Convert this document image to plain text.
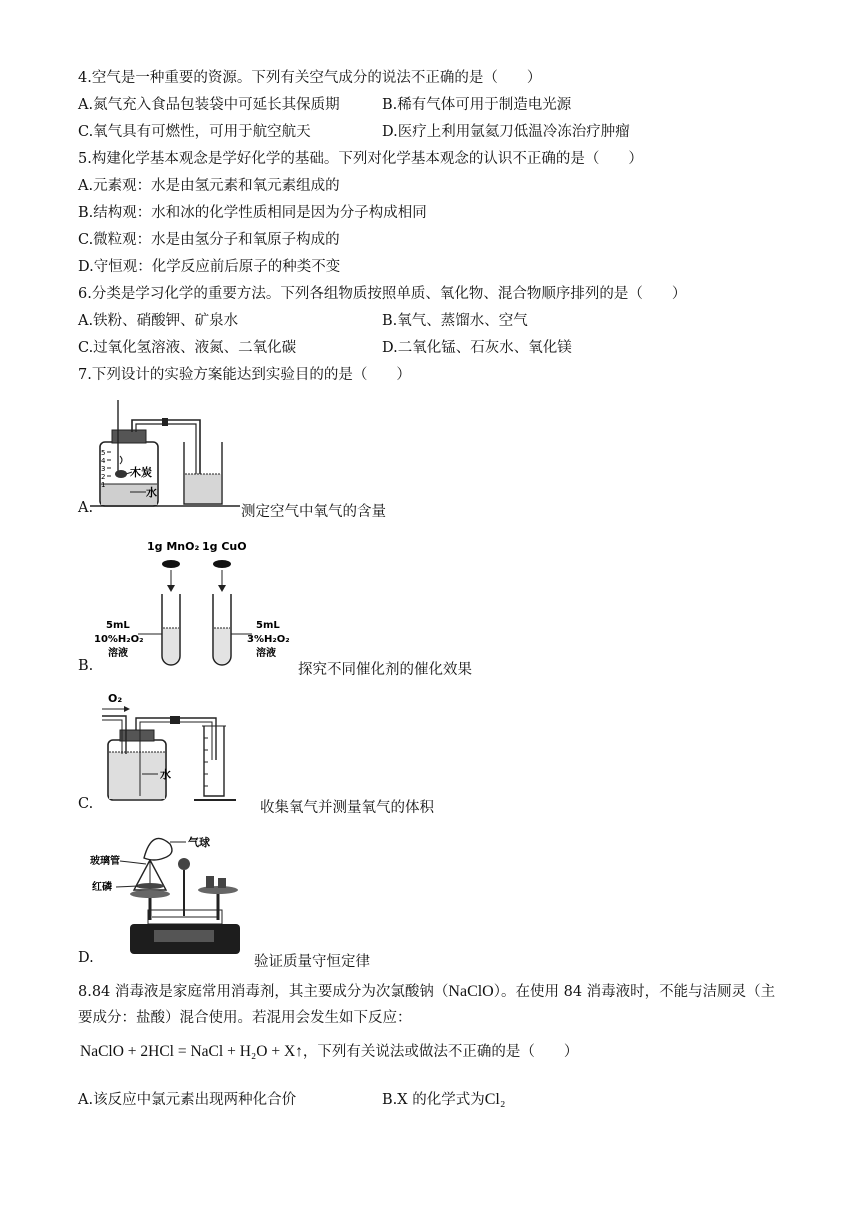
4.空气是一种重要的资源。下列有关空气成分的说法不正确的是（　　）
A.氮气充入食品包装袋中可延长其保质期	B.稀有气体可用于制造电光源
C.氧气具有可燃性，可用于航空航天	D.医疗上利用氩氦刀低温冷冻治疗肿瘤
5.构建化学基本观念是学好化学的基础。下列对化学基本观念的认识不正确的是（　　）
A.元素观：水是由氢元素和氧元素组成的
B.结构观：水和冰的化学性质相同是因为分子构成相同
C.微粒观：水是由氢分子和氧原子构成的
D.守恒观：化学反应前后原子的种类不变
6.分类是学习化学的重要方法。下列各组物质按照单质、氧化物、混合物顺序排列的是（　　）
A.铁粉、硝酸钾、矿泉水	B.氧气、蒸馏水、空气
C.过氧化氢溶液、液氮、二氧化碳	D.二氧化锰、石灰水、氧化镁
7.下列设计的实验方案能达到实验目的的是（　　）
A.
5
4
3
2
1
木炭
水
测定空气中氧气的含量
B.
1g MnO₂ 1g CuO
5mL
10%H₂O₂
溶液
5mL
3%H₂O₂
溶液
探究不同催化剂的催化效果
C.
O₂
水
收集氧气并测量氧气的体积
D.
气球
玻璃管
红磷
验证质量守恒定律
8.84 消毒液是家庭常用消毒剂，其主要成分为次氯酸钠（NaClO）。在使用 84 消毒液时，不能与洁厕灵（主
要成分：盐酸）混合使用。若混用会发生如下反应：
NaClO + 2HCl = NaCl + H₂O + X↑，下列有关说法或做法不正确的是（　　）
A.该反应中氯元素出现两种化合价	B.X 的化学式为Cl₂
